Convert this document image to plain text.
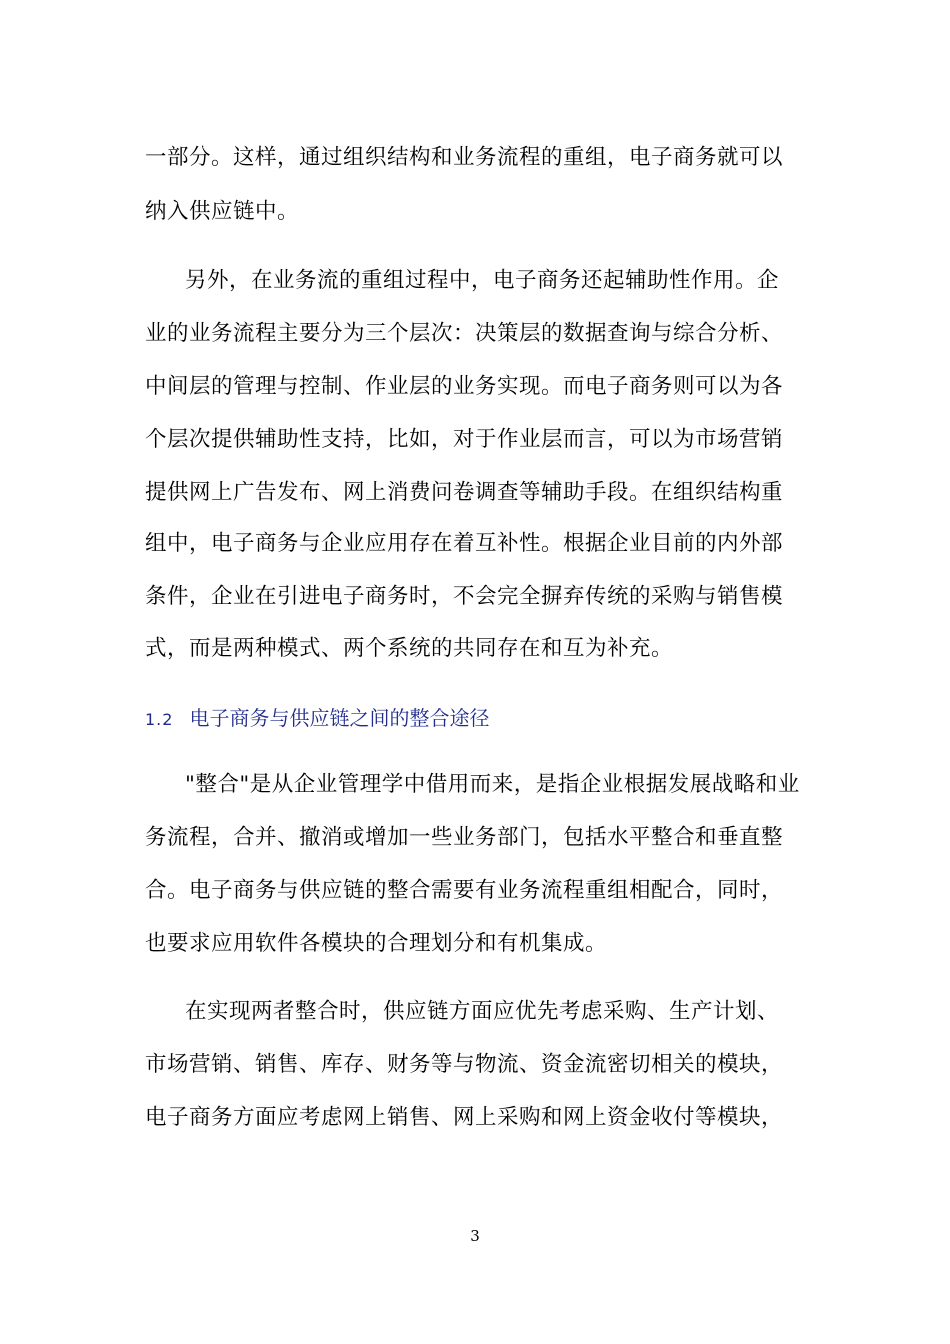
一部分。这样，通过组织结构和业务流程的重组，电子商务就可以
纳入供应链中。
另外，在业务流的重组过程中，电子商务还起辅助性作用。企
业的业务流程主要分为三个层次：决策层的数据查询与综合分析、
中间层的管理与控制、作业层的业务实现。而电子商务则可以为各
个层次提供辅助性支持，比如，对于作业层而言，可以为市场营销
提供网上广告发布、网上消费问卷调查等辅助手段。在组织结构重
组中，电子商务与企业应用存在着互补性。根据企业目前的内外部
条件，企业在引进电子商务时，不会完全摒弃传统的采购与销售模
式，而是两种模式、两个系统的共同存在和互为补充。
1.2 电子商务与供应链之间的整合途径
"整合"是从企业管理学中借用而来，是指企业根据发展战略和业
务流程，合并、撤消或增加一些业务部门，包括水平整合和垂直整
合。电子商务与供应链的整合需要有业务流程重组相配合，同时，
也要求应用软件各模块的合理划分和有机集成。
在实现两者整合时，供应链方面应优先考虑采购、生产计划、
市场营销、销售、库存、财务等与物流、资金流密切相关的模块，
电子商务方面应考虑网上销售、网上采购和网上资金收付等模块，
3
